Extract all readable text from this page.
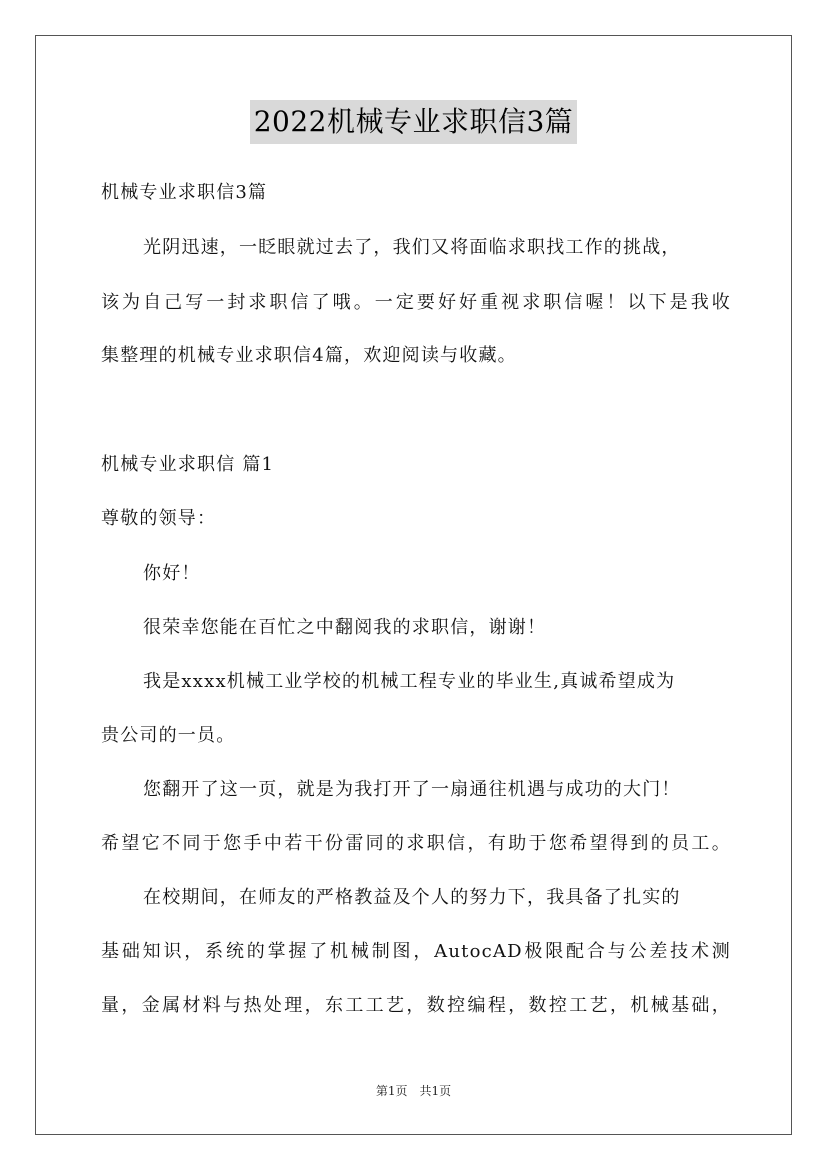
2022机械专业求职信3篇
机械专业求职信3篇
光阴迅速，一眨眼就过去了，我们又将面临求职找工作的挑战，
该为自己写一封求职信了哦。一定要好好重视求职信喔！以下是我收
集整理的机械专业求职信4篇，欢迎阅读与收藏。
机械专业求职信 篇1
尊敬的领导：
你好！
很荣幸您能在百忙之中翻阅我的求职信，谢谢！
我是xxxx机械工业学校的机械工程专业的毕业生,真诚希望成为
贵公司的一员。
您翻开了这一页，就是为我打开了一扇通往机遇与成功的大门！
希望它不同于您手中若干份雷同的求职信，有助于您希望得到的员工。
在校期间，在师友的严格教益及个人的努力下，我具备了扎实的
基础知识，系统的掌握了机械制图，AutocAD极限配合与公差技术测
量，金属材料与热处理，东工工艺，数控编程，数控工艺，机械基础，
第1页 共1页
